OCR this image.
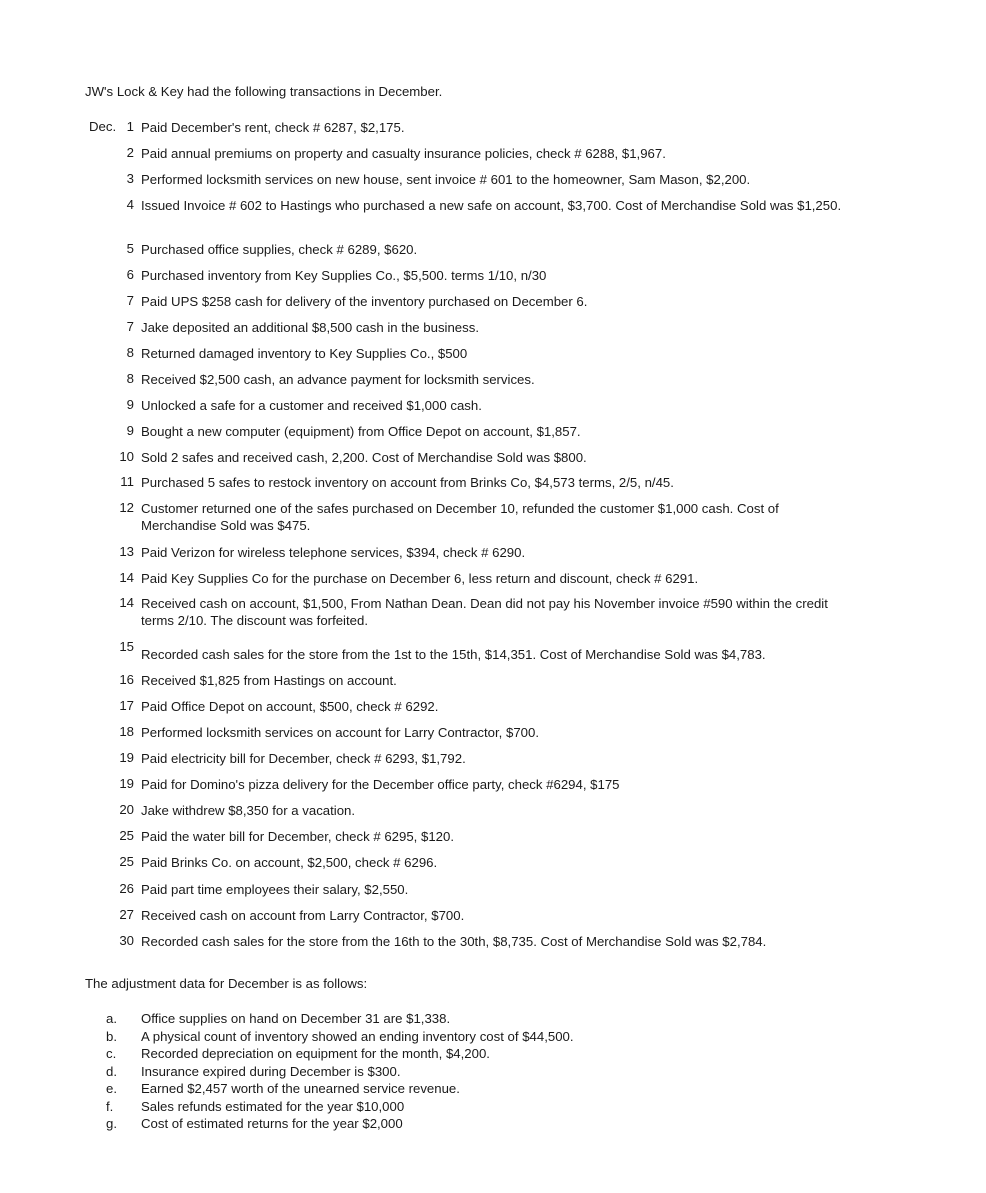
JW's Lock & Key had the following transactions in December.
Dec. 1 Paid December's rent, check # 6287, $2,175.
2 Paid annual premiums on property and casualty insurance policies, check # 6288, $1,967.
3 Performed locksmith services on new house, sent invoice # 601 to the homeowner, Sam Mason, $2,200.
4 Issued Invoice # 602 to Hastings who purchased a new safe on account, $3,700. Cost of Merchandise Sold was $1,250.
5 Purchased office supplies, check # 6289, $620.
6 Purchased inventory from Key Supplies Co., $5,500. terms 1/10, n/30
7 Paid UPS $258 cash for delivery of the inventory purchased on December 6.
7 Jake deposited an additional $8,500 cash in the business.
8 Returned damaged inventory to Key Supplies Co., $500
8 Received $2,500 cash, an advance payment for locksmith services.
9 Unlocked a safe for a customer and received $1,000 cash.
9 Bought a new computer (equipment) from Office Depot on account, $1,857.
10 Sold 2 safes and received cash, 2,200. Cost of Merchandise Sold was $800.
11 Purchased 5 safes to restock inventory on account from Brinks Co, $4,573 terms, 2/5, n/45.
12 Customer returned one of the safes purchased on December 10, refunded the customer $1,000 cash. Cost of Merchandise Sold was $475.
13 Paid Verizon for wireless telephone services, $394, check # 6290.
14 Paid Key Supplies Co for the purchase on December 6, less return and discount, check # 6291.
14 Received cash on account, $1,500, From Nathan Dean. Dean did not pay his November invoice #590 within the credit terms 2/10. The discount was forfeited.
15
Recorded cash sales for the store from the 1st to the 15th, $14,351. Cost of Merchandise Sold was $4,783.
16 Received $1,825 from Hastings on account.
17 Paid Office Depot on account, $500, check # 6292.
18 Performed locksmith services on account for Larry Contractor, $700.
19 Paid electricity bill for December, check # 6293, $1,792.
19 Paid for Domino's pizza delivery for the December office party, check #6294, $175
20 Jake withdrew $8,350 for a vacation.
25 Paid the water bill for December, check # 6295, $120.
25 Paid Brinks Co. on account, $2,500, check # 6296.
26 Paid part time employees their salary, $2,550.
27 Received cash on account from Larry Contractor, $700.
30 Recorded cash sales for the store from the 16th to the 30th, $8,735. Cost of Merchandise Sold was $2,784.
The adjustment data for December is as follows:
a. Office supplies on hand on December 31 are $1,338.
b. A physical count of inventory showed an ending inventory cost of $44,500.
c. Recorded depreciation on equipment for the month, $4,200.
d. Insurance expired during December is $300.
e. Earned $2,457 worth of the unearned service revenue.
f. Sales refunds estimated for the year $10,000
g. Cost of estimated returns for the year $2,000
